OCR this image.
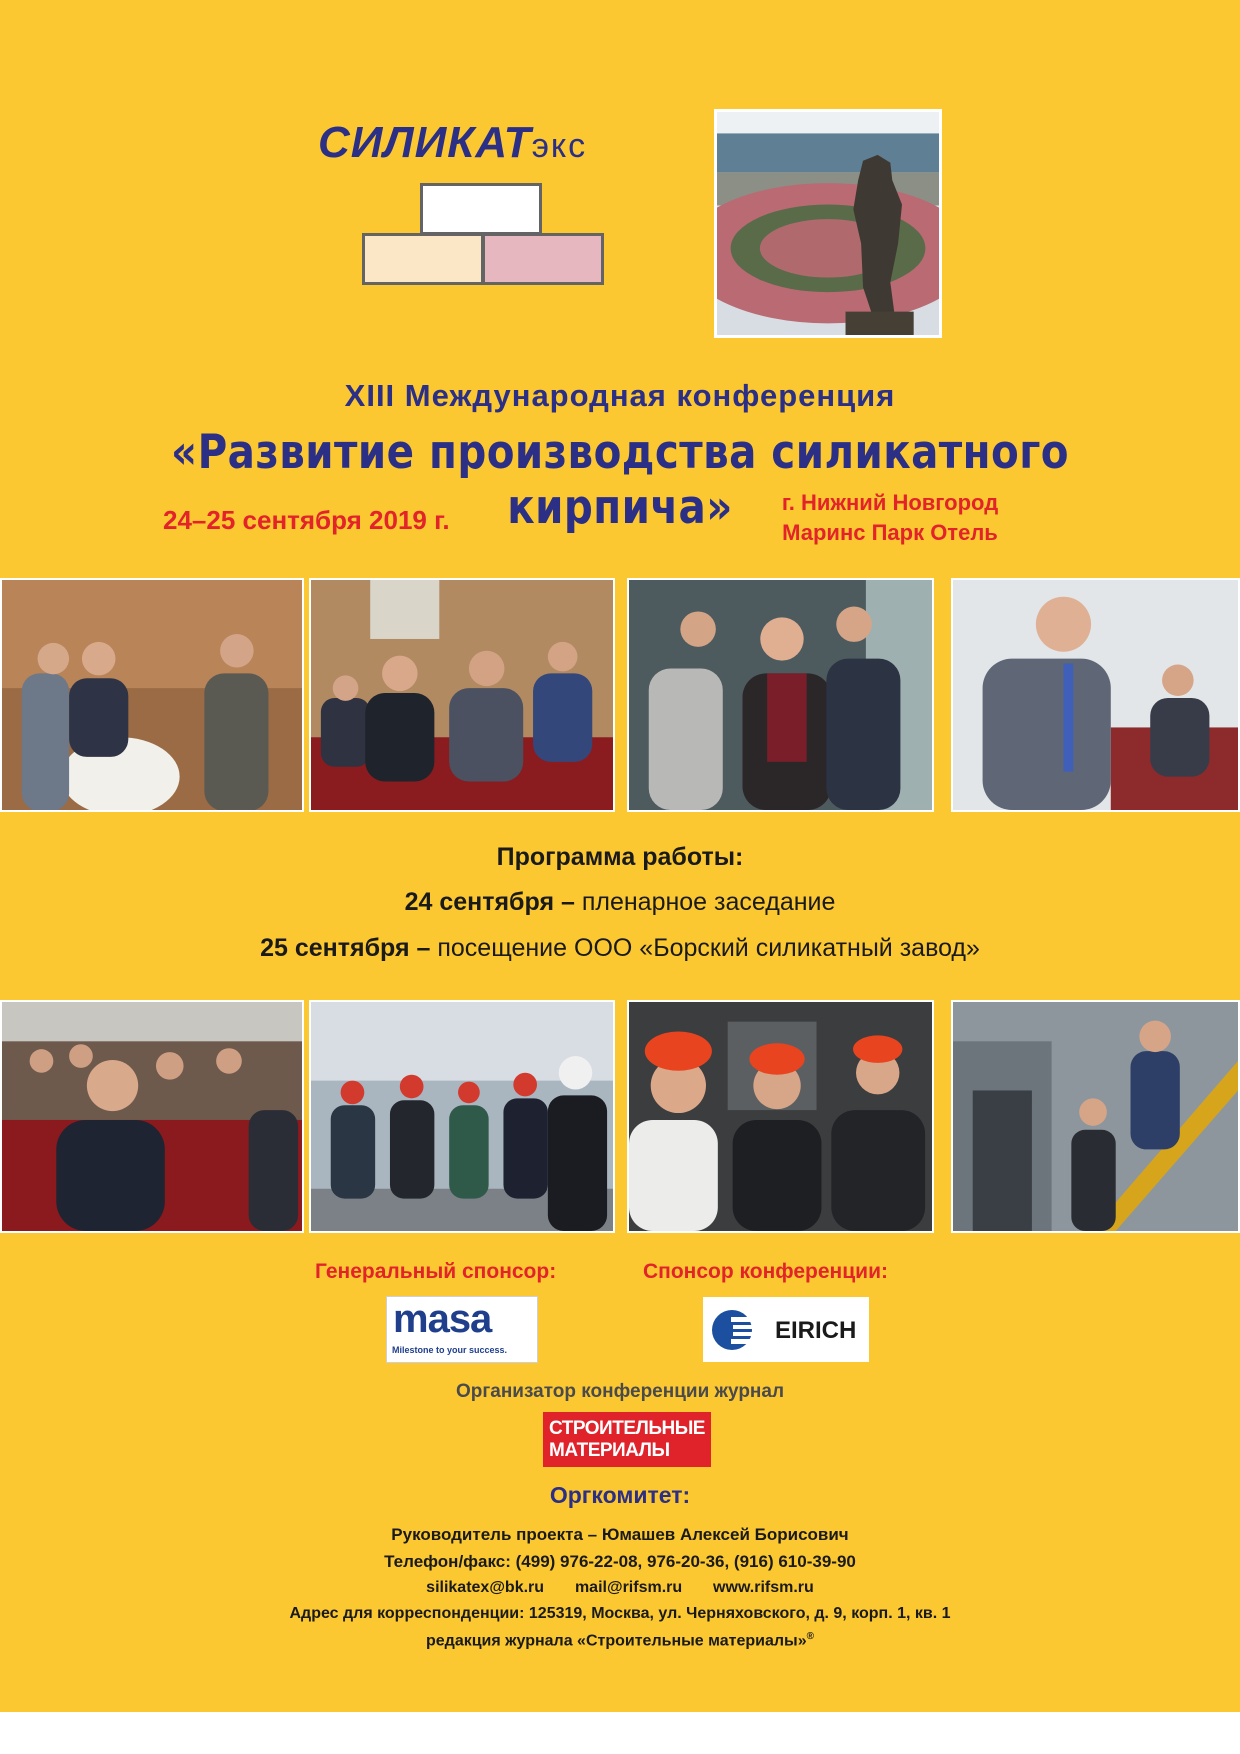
СИЛИКАТэкс
XIII Международная конференция
«Развитие производства силикатного кирпича»
24–25 сентября 2019 г.
г. Нижний Новгород
Маринс Парк Отель
Программа работы:
24 сентября – пленарное заседание
25 сентября – посещение ООО «Борский силикатный завод»
Генеральный спонсор:	Спонсор конференции:
masa
Milestone to your success.
EIRICH
Организатор конференции журнал
СТРОИТЕЛЬНЫЕ
МАТЕРИАЛЫ
Оргкомитет:
Руководитель проекта – Юмашев Алексей Борисович
Телефон/факс: (499) 976-22-08, 976-20-36, (916) 610-39-90
silikatex@bk.ru mail@rifsm.ru www.rifsm.ru
Адрес для корреспонденции: 125319, Москва, ул. Черняховского, д. 9, корп. 1, кв. 1
редакция журнала «Строительные материалы»®
